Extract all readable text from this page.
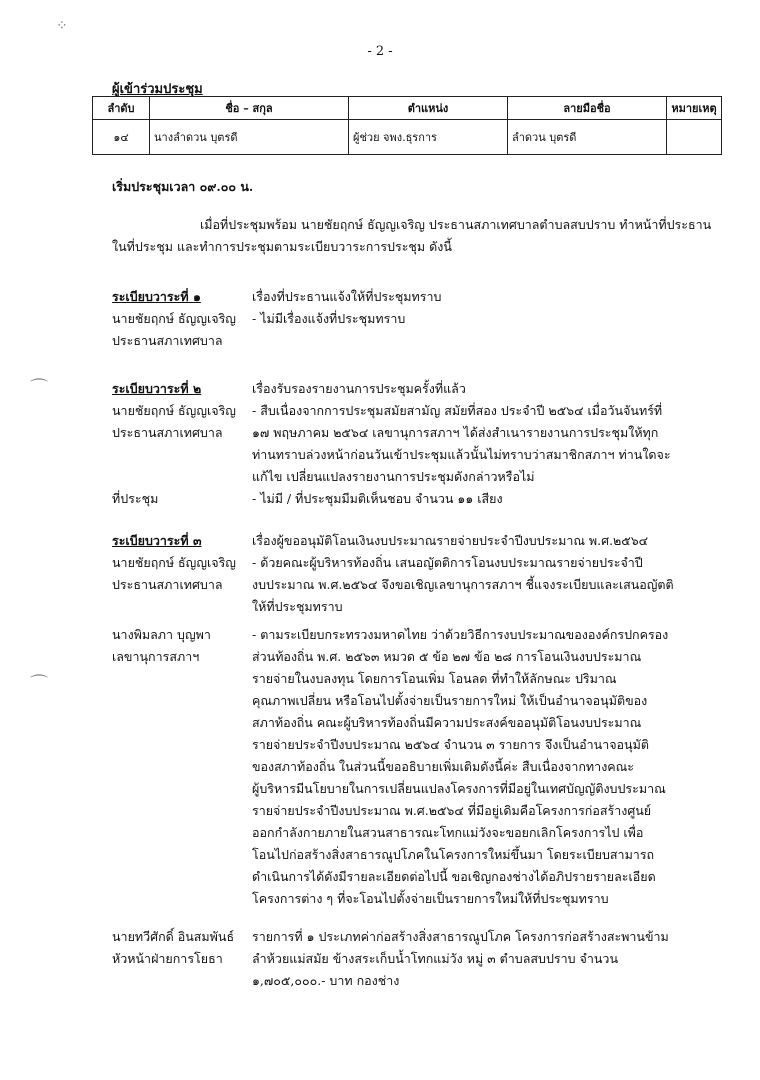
⁘
⌒
⌒
- 2 -
ผู้เข้าร่วมประชุม
ลำดับ	ชื่อ – สกุล	ตำแหน่ง	ลายมือชื่อ	หมายเหตุ
๑๔	นางลำดวน บุตรดี	ผู้ช่วย จพง.ธุรการ	ลำดวน บุตรดี	
เริ่มประชุมเวลา ๐๙.๐๐ น.
เมื่อที่ประชุมพร้อม นายชัยฤกษ์ ธัญญเจริญ ประธานสภาเทศบาลตำบลสบปราบ ทำหน้าที่ประธาน
ในที่ประชุม และทำการประชุมตามระเบียบวาระการประชุม ดังนี้
ระเบียบวาระที่ ๑
นายชัยฤกษ์ ธัญญเจริญ
ประธานสภาเทศบาล
เรื่องที่ประธานแจ้งให้ที่ประชุมทราบ
- ไม่มีเรื่องแจ้งที่ประชุมทราบ
ระเบียบวาระที่ ๒
นายชัยฤกษ์ ธัญญเจริญ
ประธานสภาเทศบาล
เรื่องรับรองรายงานการประชุมครั้งที่แล้ว
- สืบเนื่องจากการประชุมสมัยสามัญ สมัยที่สอง ประจำปี ๒๕๖๔ เมื่อวันจันทร์ที่
๑๗ พฤษภาคม ๒๕๖๔ เลขานุการสภาฯ ได้ส่งสำเนารายงานการประชุมให้ทุก
ท่านทราบล่วงหน้าก่อนวันเข้าประชุมแล้วนั้นไม่ทราบว่าสมาชิกสภาฯ ท่านใดจะ
แก้ไข เปลี่ยนแปลงรายงานการประชุมดังกล่าวหรือไม่
ที่ประชุม	- ไม่มี / ที่ประชุมมีมติเห็นชอบ จำนวน ๑๑ เสียง
ระเบียบวาระที่ ๓
นายชัยฤกษ์ ธัญญเจริญ
ประธานสภาเทศบาล
เรื่องผู้ขออนุมัติโอนเงินงบประมาณรายจ่ายประจำปีงบประมาณ พ.ศ.๒๕๖๔
- ด้วยคณะผู้บริหารท้องถิ่น เสนอญัตติการโอนงบประมาณรายจ่ายประจำปี
งบประมาณ พ.ศ.๒๕๖๔ จึงขอเชิญเลขานุการสภาฯ ชี้แจงระเบียบและเสนอญัตติ
ให้ที่ประชุมทราบ
นางพิมลภา บุญพา
เลขานุการสภาฯ
- ตามระเบียบกระทรวงมหาดไทย ว่าด้วยวิธีการงบประมาณขององค์กรปกครอง
ส่วนท้องถิ่น พ.ศ. ๒๕๖๓ หมวด ๕ ข้อ ๒๗ ข้อ ๒๘ การโอนเงินงบประมาณ
รายจ่ายในงบลงทุน โดยการโอนเพิ่ม โอนลด ที่ทำให้ลักษณะ ปริมาณ
คุณภาพเปลี่ยน หรือโอนไปตั้งจ่ายเป็นรายการใหม่ ให้เป็นอำนาจอนุมัติของ
สภาท้องถิ่น คณะผู้บริหารท้องถิ่นมีความประสงค์ขออนุมัติโอนงบประมาณ
รายจ่ายประจำปีงบประมาณ ๒๕๖๔ จำนวน ๓ รายการ จึงเป็นอำนาจอนุมัติ
ของสภาท้องถิ่น ในส่วนนี้ขออธิบายเพิ่มเติมดังนี้ค่ะ สืบเนื่องจากทางคณะ
ผู้บริหารมีนโยบายในการเปลี่ยนแปลงโครงการที่มีอยู่ในเทศบัญญัติงบประมาณ
รายจ่ายประจำปีงบประมาณ พ.ศ.๒๕๖๔ ที่มีอยู่เดิมคือโครงการก่อสร้างศูนย์
ออกกำลังกายภายในสวนสาธารณะโทกแม่วังจะขอยกเลิกโครงการไป เพื่อ
โอนไปก่อสร้างสิ่งสาธารณูปโภคในโครงการใหม่ขึ้นมา โดยระเบียบสามารถ
ดำเนินการได้ดังมีรายละเอียดต่อไปนี้ ขอเชิญกองช่างได้อภิปรายรายละเอียด
โครงการต่าง ๆ ที่จะโอนไปตั้งจ่ายเป็นรายการใหม่ให้ที่ประชุมทราบ
นายทวีศักดิ์ อินสมพันธ์
หัวหน้าฝ่ายการโยธา
รายการที่ ๑ ประเภทค่าก่อสร้างสิ่งสาธารณูปโภค โครงการก่อสร้างสะพานข้าม
ลำห้วยแม่สมัย ข้างสระเก็บน้ำโทกแม่วัง หมู่ ๓ ตำบลสบปราบ จำนวน
๑,๗๐๕,๐๐๐.- บาท กองช่าง
